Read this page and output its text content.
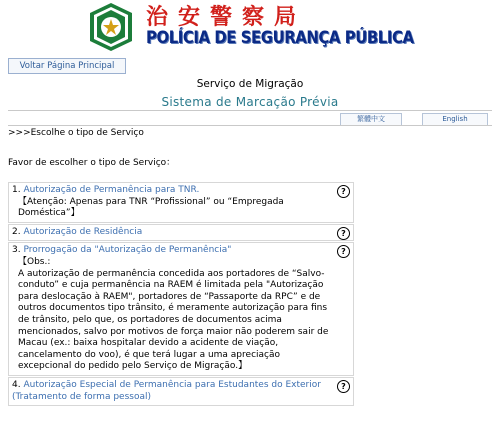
治安警察局
POLÍCIA DE SEGURANÇA PÚBLICA
Voltar Página Principal
Serviço de Migração
Sistema de Marcação Prévia
繁體中文	English
>>>Escolhe o tipo de Serviço
Favor de escolher o tipo de Serviço：
1. Autorização de Permanência para TNR.
【Atenção: Apenas para TNR “Profissional” ou “Empregada Doméstica”】
?
2. Autorização de Residência	?
3. Prorrogação da "Autorização de Permanência"
【Obs.:
A autorização de permanência concedida aos portadores de “Salvo-conduto” e cuja permanência na RAEM é limitada pela "Autorização para deslocação à RAEM", portadores de “Passaporte da RPC” e de outros documentos tipo trânsito, é meramente autorização para fins de trânsito, pelo que, os portadores de documentos acima mencionados, salvo por motivos de força maior não poderem sair de Macau (ex.: baixa hospitalar devido a acidente de viação, cancelamento do voo), é que terá lugar a uma apreciação excepcional do pedido pelo Serviço de Migração.】
?
4. Autorização Especial de Permanência para Estudantes do Exterior (Tratamento de forma pessoal)
?
